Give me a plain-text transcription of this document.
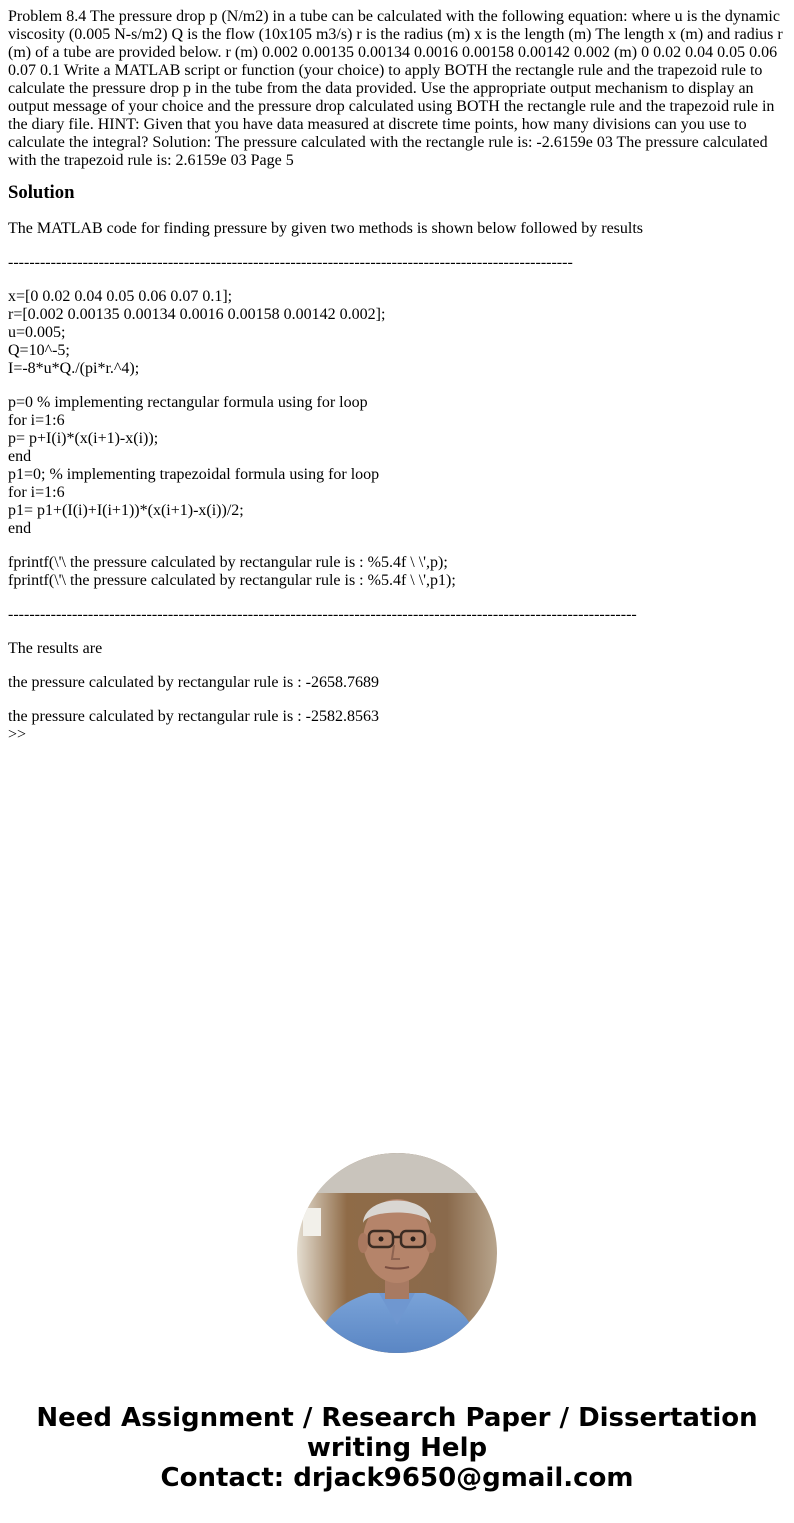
Problem 8.4 The pressure drop p (N/m2) in a tube can be calculated with the following equation: where u is the dynamic viscosity (0.005 N-s/m2) Q is the flow (10x105 m3/s) r is the radius (m) x is the length (m) The length x (m) and radius r (m) of a tube are provided below. r (m) 0.002 0.00135 0.00134 0.0016 0.00158 0.00142 0.002 (m) 0 0.02 0.04 0.05 0.06 0.07 0.1 Write a MATLAB script or function (your choice) to apply BOTH the rectangle rule and the trapezoid rule to calculate the pressure drop p in the tube from the data provided. Use the appropriate output mechanism to display an output message of your choice and the pressure drop calculated using BOTH the rectangle rule and the trapezoid rule in the diary file. HINT: Given that you have data measured at discrete time points, how many divisions can you use to calculate the integral? Solution: The pressure calculated with the rectangle rule is: -2.6159e 03 The pressure calculated with the trapezoid rule is: 2.6159e 03 Page 5

Solution

The MATLAB code for finding pressure by given two methods is shown below followed by results

----------------------------------------------------------------------------------------------------------

x=[0 0.02 0.04 0.05 0.06 0.07 0.1];
r=[0.002 0.00135 0.00134 0.0016 0.00158 0.00142 0.002];
u=0.005;
Q=10^-5;
I=-8*u*Q./(pi*r.^4);
p=0 % implementing rectangular formula using for loop
for i=1:6
p= p+I(i)*(x(i+1)-x(i));
end
p1=0; % implementing trapezoidal formula using for loop
for i=1:6
p1= p1+(I(i)+I(i+1))*(x(i+1)-x(i))/2;
end
fprintf(\'\ the pressure calculated by rectangular rule is : %5.4f \ \',p);
fprintf(\'\ the pressure calculated by rectangular rule is : %5.4f \ \',p1);

----------------------------------------------------------------------------------------------------------------------

The results are

the pressure calculated by rectangular rule is : -2658.7689

the pressure calculated by rectangular rule is : -2582.8563
>>
Need Assignment / Research Paper / Dissertation
writing Help
Contact: drjack9650@gmail.com
